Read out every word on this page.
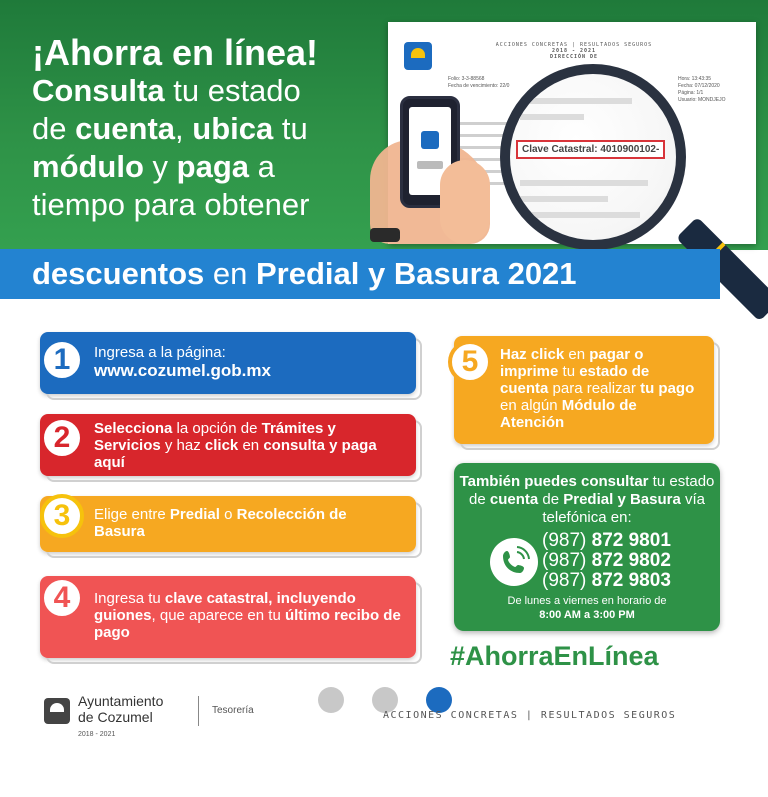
¡Ahorra en línea!
Consulta tu estado
de cuenta, ubica tu
módulo y paga a
tiempo para obtener
ACCIONES CONCRETAS | RESULTADOS SEGUROS
2018 - 2021
DIRECCIÓN DE
Folio: 3-3-88568
Fecha de vencimiento: 22/0
Hora: 13:43:35
Fecha: 07/12/2020
Página: 1/1
Usuario: MONDJEJO
Clave Catastral: 4010900102-
descuentos en Predial y Basura 2021
1	Ingresa a la página:
www.cozumel.gob.mx
2	Selecciona la opción de Trámites y Servicios y haz click en consulta y paga aquí
3	Elige entre Predial o Recolección de Basura
4	Ingresa tu clave catastral, incluyendo guiones, que aparece en tu último recibo de pago
5	Haz click en pagar o imprime tu estado de cuenta para realizar tu pago en algún Módulo de Atención
También puedes consultar tu estado de cuenta de Predial y Basura vía telefónica en:
(987) 872 9801
(987) 872 9802
(987) 872 9803
De lunes a viernes en horario de
8:00 AM a 3:00 PM
#AhorraEnLínea
Ayuntamiento
de Cozumel
2018 - 2021
Tesorería	ACCIONES CONCRETAS | RESULTADOS SEGUROS
